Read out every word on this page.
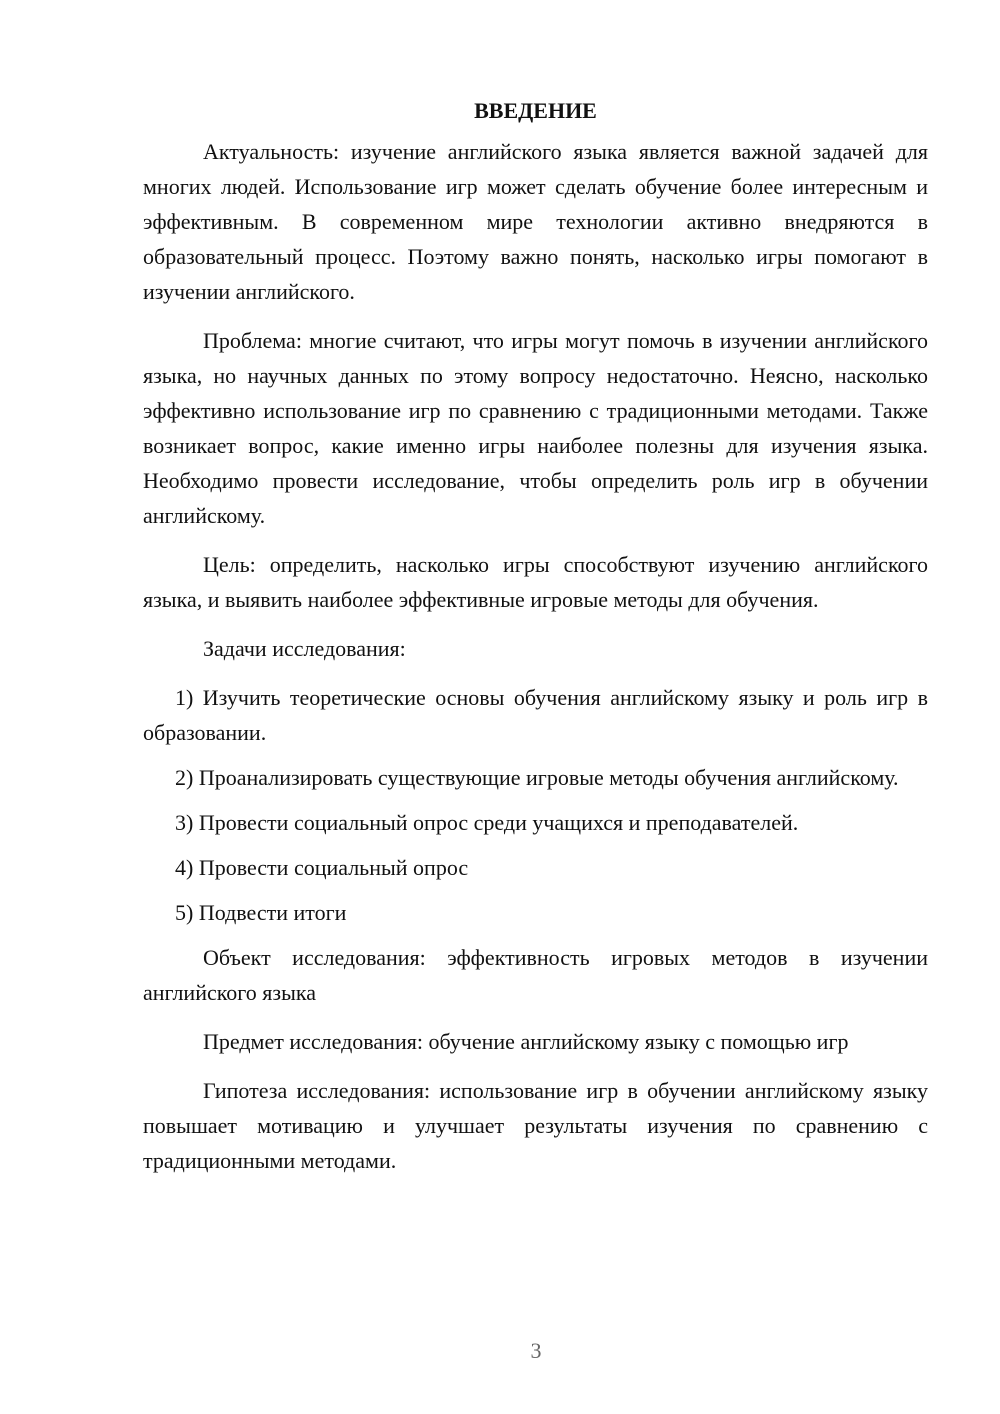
ВВЕДЕНИЕ

Актуальность: изучение английского языка является важной задачей для многих людей. Использование игр может сделать обучение более интересным и эффективным. В современном мире технологии активно внедряются в образовательный процесс. Поэтому важно понять, насколько игры помогают в изучении английского.

Проблема: многие считают, что игры могут помочь в изучении английского языка, но научных данных по этому вопросу недостаточно. Неясно, насколько эффективно использование игр по сравнению с традиционными методами. Также возникает вопрос, какие именно игры наиболее полезны для изучения языка. Необходимо провести исследование, чтобы определить роль игр в обучении английскому.

Цель: определить, насколько игры способствуют изучению английского языка, и выявить наиболее эффективные игровые методы для обучения.

Задачи исследования:

1) Изучить теоретические основы обучения английскому языку и роль игр в образовании.

2) Проанализировать существующие игровые методы обучения английскому.

3) Провести социальный опрос среди учащихся и преподавателей.

4) Провести социальный опрос

5) Подвести итоги

Объект исследования: эффективность игровых методов в изучении английского языка

Предмет исследования: обучение английскому языку с помощью игр

Гипотеза исследования: использование игр в обучении английскому языку повышает мотивацию и улучшает результаты изучения по сравнению с традиционными методами.

3
